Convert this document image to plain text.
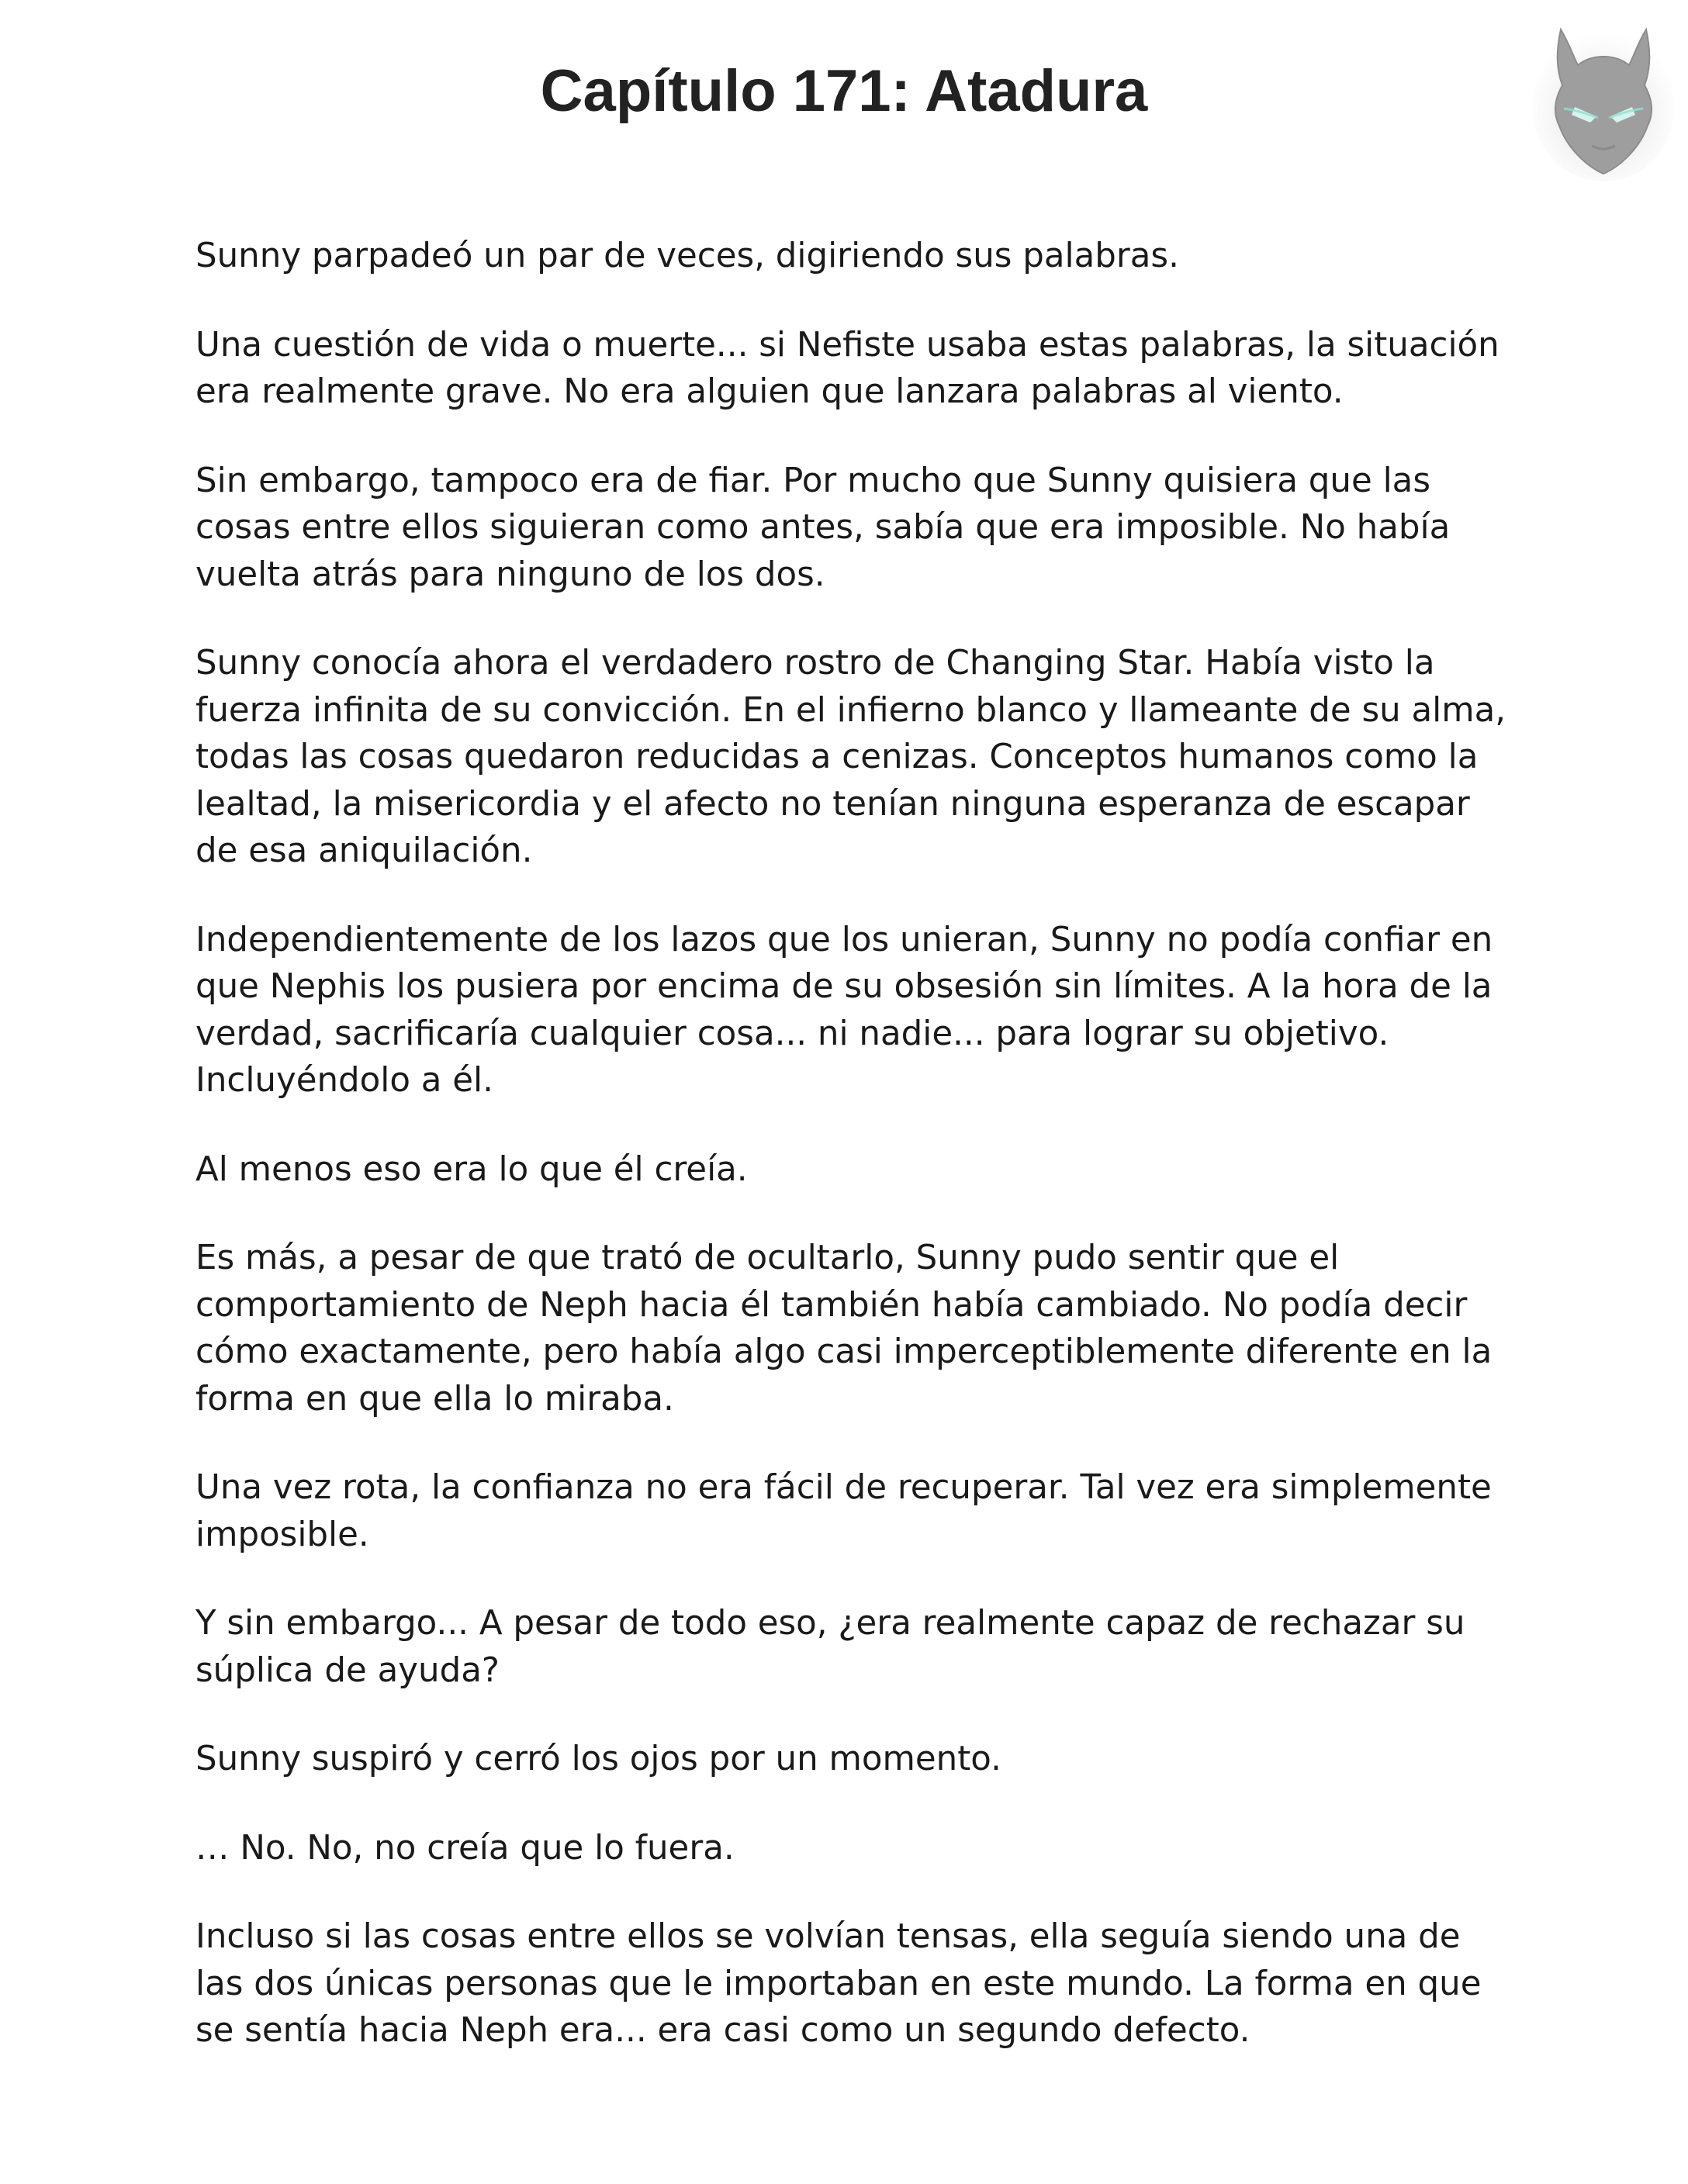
Capítulo 171: Atadura

Sunny parpadeó un par de veces, digiriendo sus palabras.

Una cuestión de vida o muerte... si Nefiste usaba estas palabras, la situación era realmente grave. No era alguien que lanzara palabras al viento.

Sin embargo, tampoco era de fiar. Por mucho que Sunny quisiera que las cosas entre ellos siguieran como antes, sabía que era imposible. No había vuelta atrás para ninguno de los dos.

Sunny conocía ahora el verdadero rostro de Changing Star. Había visto la fuerza infinita de su convicción. En el infierno blanco y llameante de su alma, todas las cosas quedaron reducidas a cenizas. Conceptos humanos como la lealtad, la misericordia y el afecto no tenían ninguna esperanza de escapar de esa aniquilación.

Independientemente de los lazos que los unieran, Sunny no podía confiar en que Nephis los pusiera por encima de su obsesión sin límites. A la hora de la verdad, sacrificaría cualquier cosa... ni nadie... para lograr su objetivo. Incluyéndolo a él.

Al menos eso era lo que él creía.

Es más, a pesar de que trató de ocultarlo, Sunny pudo sentir que el comportamiento de Neph hacia él también había cambiado. No podía decir cómo exactamente, pero había algo casi imperceptiblemente diferente en la forma en que ella lo miraba.

Una vez rota, la confianza no era fácil de recuperar. Tal vez era simplemente imposible.

Y sin embargo... A pesar de todo eso, ¿era realmente capaz de rechazar su súplica de ayuda?

Sunny suspiró y cerró los ojos por un momento.

… No. No, no creía que lo fuera.

Incluso si las cosas entre ellos se volvían tensas, ella seguía siendo una de las dos únicas personas que le importaban en este mundo. La forma en que se sentía hacia Neph era... era casi como un segundo defecto.
